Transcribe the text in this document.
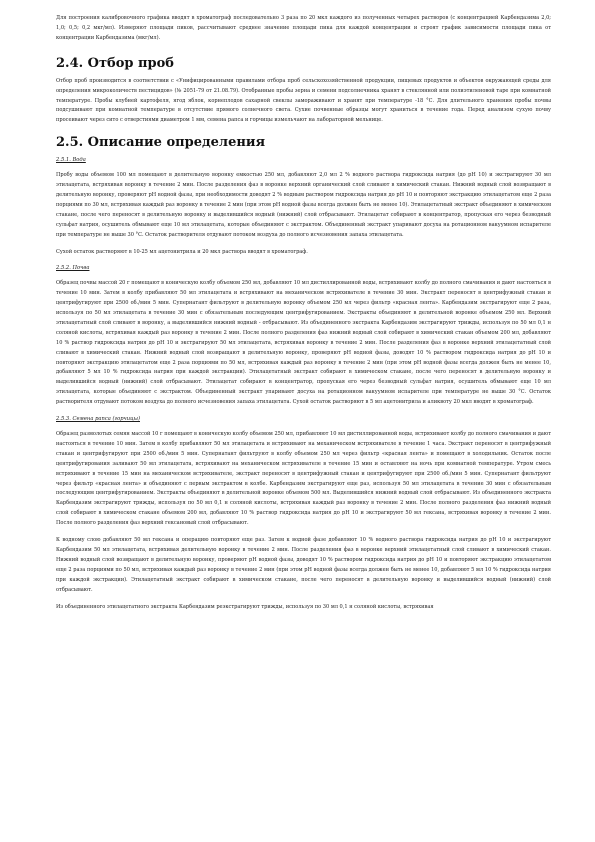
Для построения калибровочного графика вводят в хроматограф последовательно 3 раза по 20 мкл каждого из полученных четырех растворов (с концентрацией Карбендазима 2,0; 1,0; 0,5; 0,2 мкг/мл). Измеряют площади пиков, рассчитывают среднее значение площади пика для каждой концентрации и строят график зависимости площади пика от концентрации Карбендазима (мкг/мл).

2.4. Отбор проб

Отбор проб производится в соответствии с «Унифицированными правилами отбора проб сельскохозяйственной продукции, пищевых продуктов и объектов окружающей среды для определения микроколичеств пестицидов» (№ 2051-79 от 21.08.79). Отобранные пробы зерна и семени подсолнечника хранят в стеклянной или полиэтиленовой таре при комнатной температуре. Пробы клубней картофеля, ягод яблок, корнеплодов сахарной свеклы замораживают и хранят при температуре -18 °С. Для длительного хранения пробы почвы подсушивают при комнатной температуре в отсутствие прямого солнечного света. Сухие почвенные образцы могут храниться в течение года. Перед анализом сухую почву просеивают через сито с отверстиями диаметром 1 мм, семена рапса и горчицы измельчают на лабораторной мельнице.

2.5. Описание определения
2.5.1. Вода

Пробу воды объемом 100 мл помещают в делительную воронку емкостью 250 мл, добавляют 2,0 мл 2 % водного раствора гидроксида натрия (до pH 10) и экстрагируют 30 мл этилацетата, встряхивая воронку в течение 2 мин. После разделения фаз в воронке верхний органический слой сливают в химический стакан. Нижний водный слой возвращают в делительную воронку, проверяют pH водной фазы, при необходимости доводят 2 % водным раствором гидроксида натрия до pH 10 и повторяют экстракцию этилацетатом еще 2 раза порциями по 30 мл, встряхивая каждый раз воронку в течение 2 мин (при этом pH водной фазы всегда должен быть не менее 10). Этилацетатный экстракт объединяют в химическом стакане, после чего переносят в делительную воронку и выделившийся водный (нижний) слой отбрасывают. Этилацетат собирают в концентратор, пропуская его через безводный сульфат натрия, осушитель обмывают еще 10 мл этилацетата, которые объединяют с экстрактом. Объединенный экстракт упаривают досуха на ротационном вакуумном испарителе при температуре не выше 30 °С. Остаток растворителя отдувают потоком воздуха до полного исчезновения запаха этилацетата.

Сухой остаток растворяют в 10-25 мл ацетонитрила и 20 мкл раствора вводят в хроматограф.

2.5.2. Почва

Образец почвы массой 20 г помещают в коническую колбу объемом 250 мл, добавляют 10 мл дистиллированной воды, встряхивают колбу до полного смачивания и дают настояться в течение 10 мин. Затем в колбу прибавляют 50 мл этилацетата и встряхивают на механическом встряхивателе в течение 30 мин. Экстракт переносят в центрифужный стакан и центрифугируют при 2500 об./мин 5 мин. Супернатант фильтруют в делительную воронку объемом 250 мл через фильтр «красная лента». Карбендазим экстрагируют еще 2 раза, используя по 50 мл этилацетата в течение 30 мин с обязательным последующим центрифугированием. Экстракты объединяют в делительной воронке объемом 250 мл. Верхний этилацетатный слой сливают в воронку, а выделившийся нижний водный - отбрасывают. Из объединенного экстракта Карбендазим экстрагируют трижды, используя по 50 мл 0,1 н соляной кислоты, встряхивая каждый раз воронку в течение 2 мин. После полного разделения фаз нижний водный слой собирают в химический стакан объемом 200 мл, добавляют 10 % раствор гидроксида натрия до pH 10 и экстрагируют 50 мл этилацетата, встряхивая воронку в течение 2 мин. После разделения фаз в воронке верхний этилацетатный слой сливают в химический стакан. Нижний водный слой возвращают в делительную воронку, проверяют pH водной фазы, доводят 10 % раствором гидроксида натрия до pH 10 и повторяют экстракцию этилацетатом еще 2 раза порциями по 50 мл, встряхивая каждый раз воронку в течение 2 мин (при этом pH водной фазы всегда должен быть не менее 10, добавляют 5 мл 10 % гидроксида натрия при каждой экстракции). Этилацетатный экстракт собирают в химическом стакане, после чего переносят в делительную воронку и выделившийся водный (нижний) слой отбрасывают. Этилацетат собирают в концентратор, пропуская его через безводный сульфат натрия, осушитель обмывают еще 10 мл этилацетата, которые объединяют с экстрактом. Объединенный экстракт упаривают досуха на ротационном вакуумном испарителе при температуре не выше 30 °С. Остаток растворителя отдувают потоком воздуха до полного исчезновения запаха этилацетата. Сухой остаток растворяют в 5 мл ацетонитрила и аликвоту 20 мкл вводят в хроматограф.

2.5.3. Семена рапса (горчицы)

Образец размолотых семян массой 10 г помещают в коническую колбу объемом 250 мл, прибавляют 10 мл дистиллированной воды, встряхивают колбу до полного смачивания и дают настояться в течение 10 мин. Затем в колбу прибавляют 50 мл этилацетата и встряхивают на механическом встряхивателе в течение 1 часа. Экстракт переносят в центрифужный стакан и центрифугируют при 2500 об./мин 5 мин. Супернатант фильтруют в колбу объемом 250 мл через фильтр «красная лента» и помещают в холодильник. Остаток после центрифугирования заливают 50 мл этилацетата, встряхивают на механическом встряхивателе в течение 15 мин и оставляют на ночь при комнатной температуре. Утром смесь встряхивают в течение 15 мин на механическом встряхивателе, экстракт переносят в центрифужный стакан и центрифугируют при 2500 об./мин 5 мин. Супернатант фильтруют через фильтр «красная лента» и объединяют с первым экстрактом в колбе. Карбендазим экстрагируют еще раз, используя 50 мл этилацетата в течение 30 мин с обязательным последующим центрифугированием. Экстракты объединяют в делительной воронке объемом 500 мл. Выделившийся нижний водный слой отбрасывают. Из объединенного экстракта Карбендазим экстрагируют трижды, используя по 50 мл 0,1 н соляной кислоты, встряхивая каждый раз воронку в течение 2 мин. После полного разделения фаз нижний водный слой собирают в химическом стакане объемом 200 мл, добавляют 10 % раствор гидроксида натрия до pH 10 и экстрагируют 50 мл гексана, встряхивая воронку в течение 2 мин. После полного разделения фаз верхний гексановый слой отбрасывают.

К водному слою добавляют 50 мл гексана и операцию повторяют еще раз. Затем к водной фазе добавляют 10 % водного раствора гидроксида натрия до pH 10 и экстрагируют Карбендазим 50 мл этилацетата, встряхивая делительную воронку в течение 2 мин. После разделения фаз в воронке верхний этилацетатный слой сливают в химический стакан. Нижний водный слой возвращают в делительную воронку, проверяют pH водной фазы, доводят 10 % раствором гидроксида натрия до pH 10 и повторяют экстракцию этилацетатом еще 2 раза порциями по 50 мл, встряхивая каждый раз воронку в течение 2 мин (при этом pH водной фазы всегда должен быть не менее 10, добавляют 5 мл 10 % гидроксида натрия при каждой экстракции). Этилацетатный экстракт собирают в химическом стакане, после чего переносят в делительную воронку и выделившийся водный (нижний) слой отбрасывают.

Из объединенного этилацетатного экстракта Карбендазим реэкстрагируют трижды, используя по 30 мл 0,1 н соляной кислоты, встряхивая
